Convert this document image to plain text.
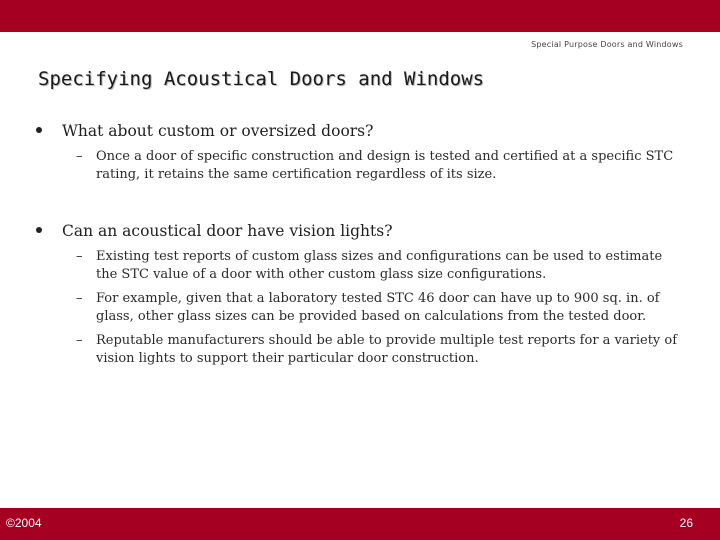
Special Purpose Doors and Windows
Specifying Acoustical Doors and Windows
What about custom or oversized doors?
– Once a door of specific construction and design is tested and certified at a specific STC rating, it retains the same certification regardless of its size.
Can an acoustical door have vision lights?
– Existing test reports of custom glass sizes and configurations can be used to estimate the STC value of a door with other custom glass size configurations.
– For example, given that a laboratory tested STC 46 door can have up to 900 sq. in. of glass, other glass sizes can be provided based on calculations from the tested door.
– Reputable manufacturers should be able to provide multiple test reports for a variety of vision lights to support their particular door construction.
©2004	26
